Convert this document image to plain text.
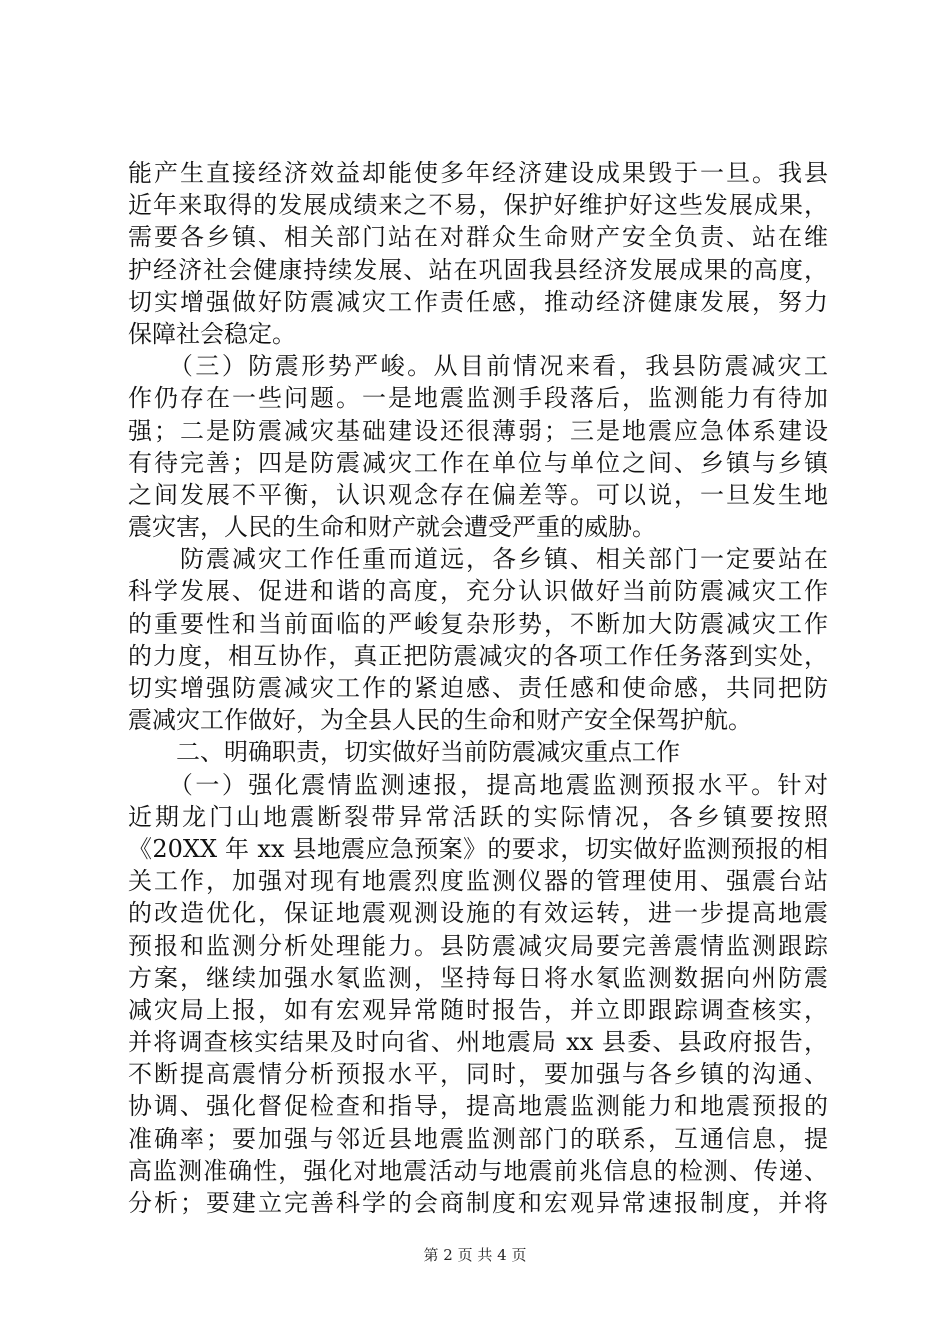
能产生直接经济效益却能使多年经济建设成果毁于一旦。我县
近年来取得的发展成绩来之不易，保护好维护好这些发展成果，
需要各乡镇、相关部门站在对群众生命财产安全负责、站在维
护经济社会健康持续发展、站在巩固我县经济发展成果的高度，
切实增强做好防震减灾工作责任感，推动经济健康发展，努力
保障社会稳定。
　　（三）防震形势严峻。从目前情况来看，我县防震减灾工
作仍存在一些问题。一是地震监测手段落后，监测能力有待加
强；二是防震减灾基础建设还很薄弱；三是地震应急体系建设
有待完善；四是防震减灾工作在单位与单位之间、乡镇与乡镇
之间发展不平衡，认识观念存在偏差等。可以说，一旦发生地
震灾害，人民的生命和财产就会遭受严重的威胁。
　　防震减灾工作任重而道远，各乡镇、相关部门一定要站在
科学发展、促进和谐的高度，充分认识做好当前防震减灾工作
的重要性和当前面临的严峻复杂形势，不断加大防震减灾工作
的力度，相互协作，真正把防震减灾的各项工作任务落到实处，
切实增强防震减灾工作的紧迫感、责任感和使命感，共同把防
震减灾工作做好，为全县人民的生命和财产安全保驾护航。
　　二、明确职责，切实做好当前防震减灾重点工作
　　（一）强化震情监测速报，提高地震监测预报水平。针对
近期龙门山地震断裂带异常活跃的实际情况，各乡镇要按照
《20XX 年 xx 县地震应急预案》的要求，切实做好监测预报的相
关工作，加强对现有地震烈度监测仪器的管理使用、强震台站
的改造优化，保证地震观测设施的有效运转，进一步提高地震
预报和监测分析处理能力。县防震减灾局要完善震情监测跟踪
方案，继续加强水氡监测，坚持每日将水氡监测数据向州防震
减灾局上报，如有宏观异常随时报告，并立即跟踪调查核实，
并将调查核实结果及时向省、州地震局 xx 县委、县政府报告，
不断提高震情分析预报水平，同时，要加强与各乡镇的沟通、
协调、强化督促检查和指导，提高地震监测能力和地震预报的
准确率；要加强与邻近县地震监测部门的联系，互通信息，提
高监测准确性，强化对地震活动与地震前兆信息的检测、传递、
分析；要建立完善科学的会商制度和宏观异常速报制度，并将
第 2 页 共 4 页
